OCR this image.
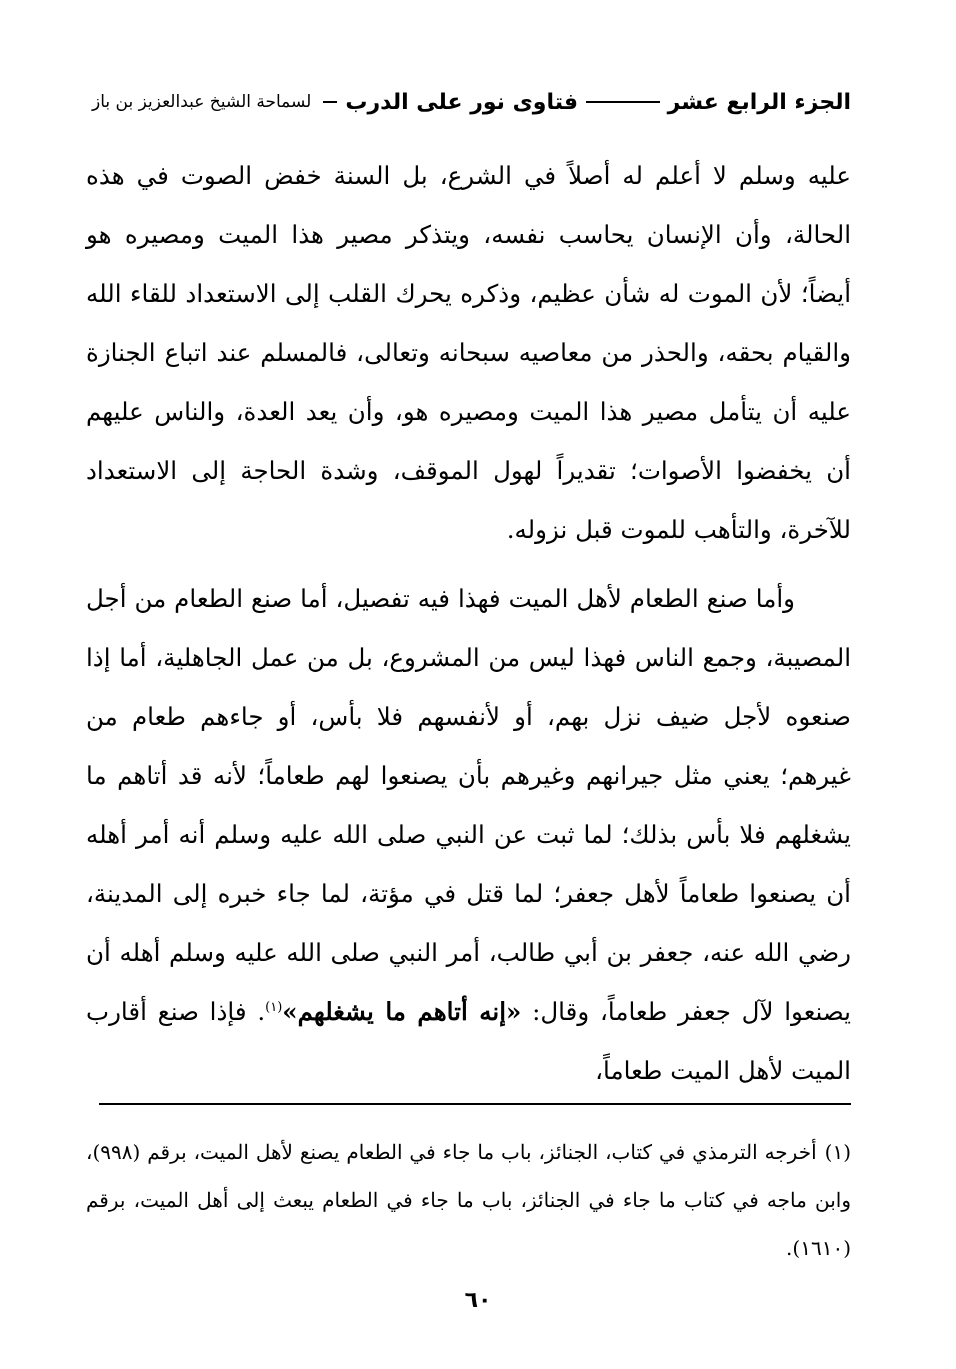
فتاوى نور على الدرب
لسماحة الشيخ عبدالعزيز بن باز	الجزء الرابع عشر

عليه وسلم لا أعلم له أصلاً في الشرع، بل السنة خفض الصوت في هذه الحالة، وأن الإنسان يحاسب نفسه، ويتذكر مصير هذا الميت ومصيره هو أيضاً؛ لأن الموت له شأن عظيم، وذكره يحرك القلب إلى الاستعداد للقاء الله والقيام بحقه، والحذر من معاصيه سبحانه وتعالى، فالمسلم عند اتباع الجنازة عليه أن يتأمل مصير هذا الميت ومصيره هو، وأن يعد العدة، والناس عليهم أن يخفضوا الأصوات؛ تقديراً لهول الموقف، وشدة الحاجة إلى الاستعداد للآخرة، والتأهب للموت قبل نزوله.

وأما صنع الطعام لأهل الميت فهذا فيه تفصيل، أما صنع الطعام من أجل المصيبة، وجمع الناس فهذا ليس من المشروع، بل من عمل الجاهلية، أما إذا صنعوه لأجل ضيف نزل بهم، أو لأنفسهم فلا بأس، أو جاءهم طعام من غيرهم؛ يعني مثل جيرانهم وغيرهم بأن يصنعوا لهم طعاماً؛ لأنه قد أتاهم ما يشغلهم فلا بأس بذلك؛ لما ثبت عن النبي صلى الله عليه وسلم أنه أمر أهله أن يصنعوا طعاماً لأهل جعفر؛ لما قتل في مؤتة، لما جاء خبره إلى المدينة، رضي الله عنه، جعفر بن أبي طالب، أمر النبي صلى الله عليه وسلم أهله أن يصنعوا لآل جعفر طعاماً، وقال: «إنه أتاهم ما يشغلهم»$^{(١)}$. فإذا صنع أقارب الميت لأهل الميت طعاماً،

(١)أخرجه الترمذي في كتاب، الجنائز، باب ما جاء في الطعام يصنع لأهل الميت، برقم (٩٩٨)، وابن ماجه في كتاب ما جاء في الجنائز، باب ما جاء في الطعام يبعث إلى أهل الميت، برقم (١٦١٠).

٦٠
